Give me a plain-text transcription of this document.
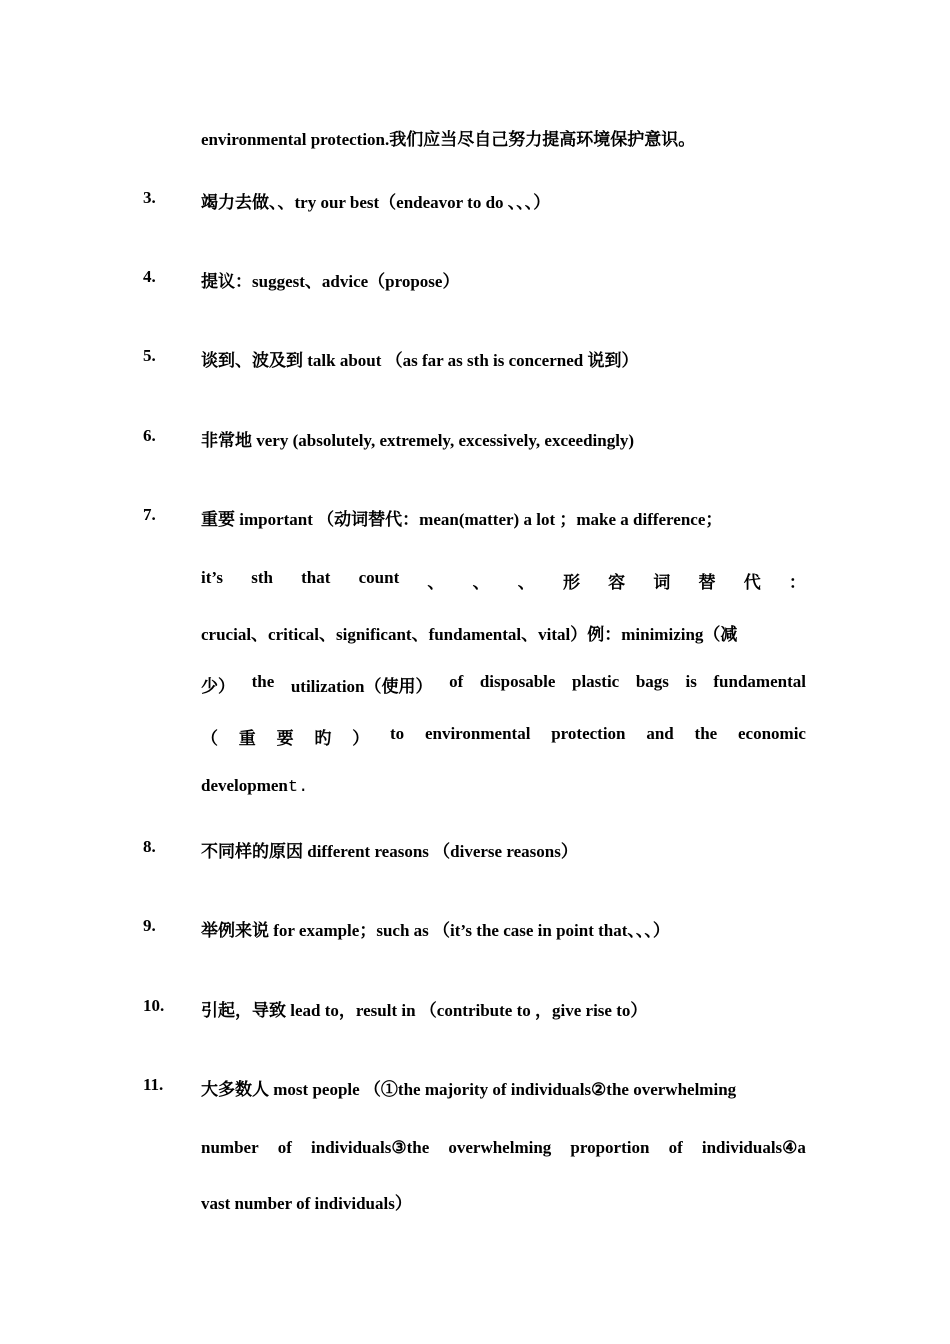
environmental protection.我们应当尽自己努力提高环境保护意识。
3.	竭力去做、、try our best（endeavor to do 、、、）
4.	提议：suggest、advice（propose）
5.	谈到、波及到 talk about （as far as sth is concerned 说到）
6.	非常地 very (absolutely, extremely, excessively, exceedingly)
7.	重要 important （动词替代：mean(matter) a lot ；make a difference；
it’s sth that count 、 、 、 形 容 词 替 代 ：
crucial、critical、significant、fundamental、vital）例：minimizing（减
少） the utilization（使用） of disposable plastic bags is fundamental
（ 重 要 旳 ） to environmental protection and the economic
development.
8.	不同样的原因 different reasons （diverse reasons）
9.	举例来说 for example；such as （it’s the case in point that、、、）
10. 引起，导致 lead to，result in （contribute to ，give rise to）
11. 大多数人 most people （①the majority of individuals②the overwhelming
number of individuals③the overwhelming proportion of individuals④a
vast number of individuals）
